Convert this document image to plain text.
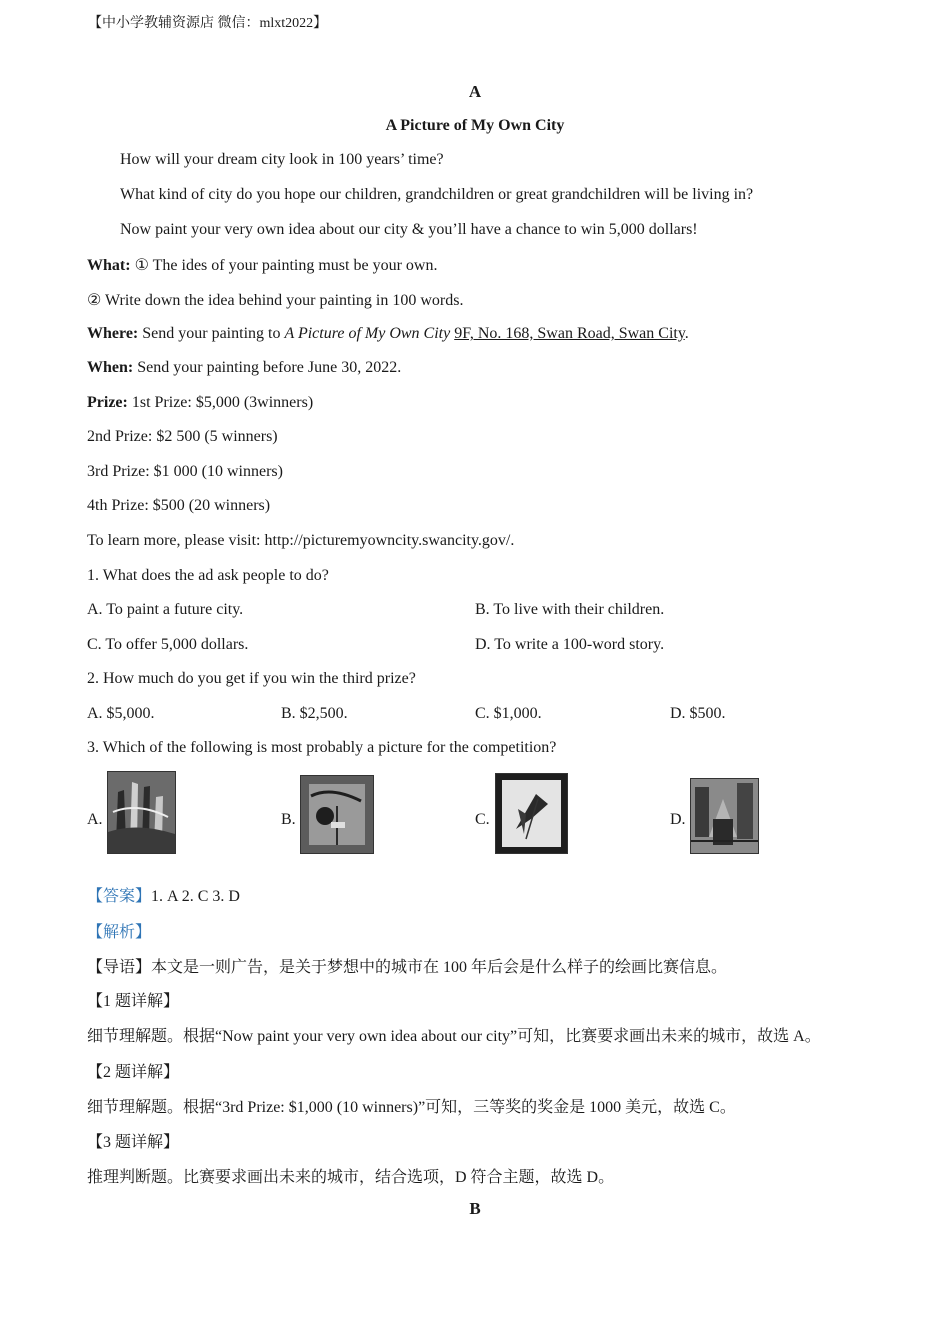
【中小学教辅资源店 微信：mlxt2022】
A
A Picture of My Own City
How will your dream city look in 100 years’ time?
What kind of city do you hope our children, grandchildren or great grandchildren will be living in?
Now paint your very own idea about our city & you’ll have a chance to win 5,000 dollars!
What: ① The ides of your painting must be your own.
② Write down the idea behind your painting in 100 words.
Where: Send your painting to A Picture of My Own City 9F, No. 168, Swan Road, Swan City.
When: Send your painting before June 30, 2022.
Prize: 1st Prize: $5,000 (3winners)
2nd Prize: $2 500 (5 winners)
3rd Prize: $1 000 (10 winners)
4th Prize: $500 (20 winners)
To learn more, please visit: http://picturemyowncity.swancity.gov/.
1. What does the ad ask people to do?
A. To paint a future city.	B. To live with their children.
C. To offer 5,000 dollars.	D. To write a 100-word story.
2. How much do you get if you win the third prize?
A. $5,000.	B. $2,500.	C. $1,000.	D. $500.
3. Which of the following is most probably a picture for the competition?
A.	B.	C.	D.
【答案】1. A 2. C 3. D
【解析】
【导语】本文是一则广告，是关于梦想中的城市在 100 年后会是什么样子的绘画比赛信息。
【1 题详解】
细节理解题。根据“Now paint your very own idea about our city”可知，比赛要求画出未来的城市，故选 A。
【2 题详解】
细节理解题。根据“3rd Prize: $1,000 (10 winners)”可知，三等奖的奖金是 1000 美元，故选 C。
【3 题详解】
推理判断题。比赛要求画出未来的城市，结合选项，D 符合主题，故选 D。
B
